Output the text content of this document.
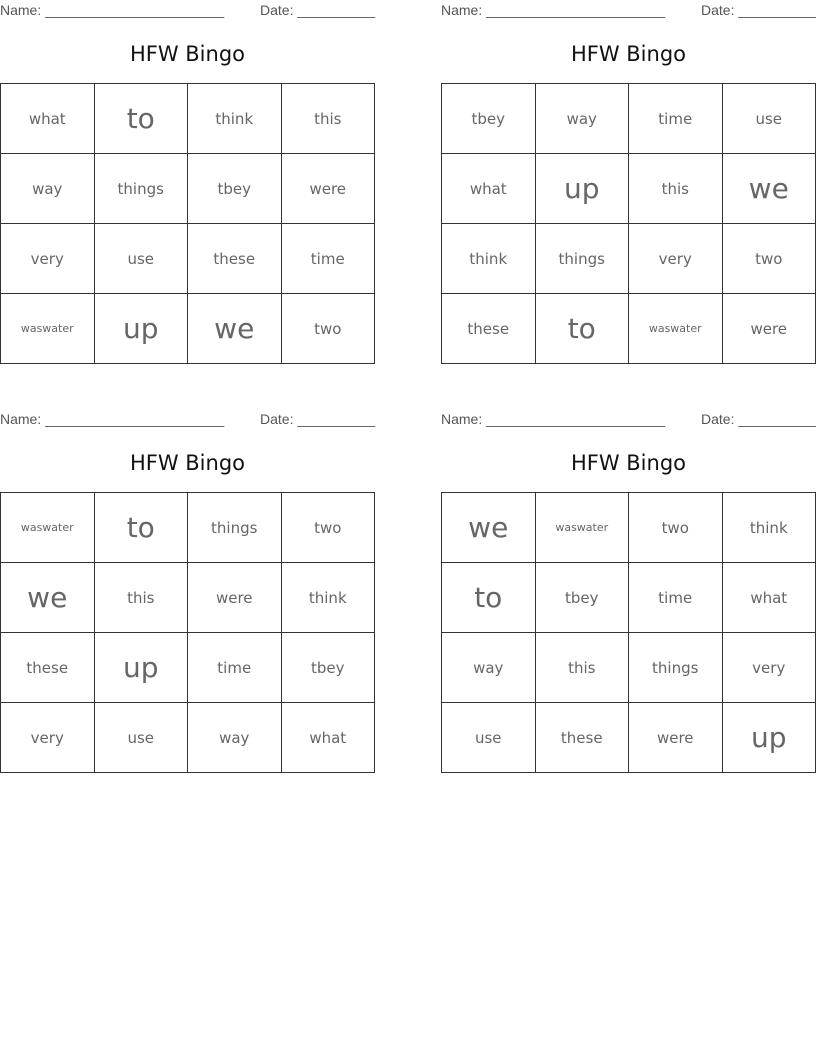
Name: _______________________	Date: __________
HFW Bingo
what	to	think	this
way	things	tbey	were
very	use	these	time
waswater	up	we	two
Name: _______________________	Date: __________
HFW Bingo
tbey	way	time	use
what	up	this	we
think	things	very	two
these	to	waswater	were
Name: _______________________	Date: __________
HFW Bingo
waswater	to	things	two
we	this	were	think
these	up	time	tbey
very	use	way	what
Name: _______________________	Date: __________
HFW Bingo
we	waswater	two	think
to	tbey	time	what
way	this	things	very
use	these	were	up
